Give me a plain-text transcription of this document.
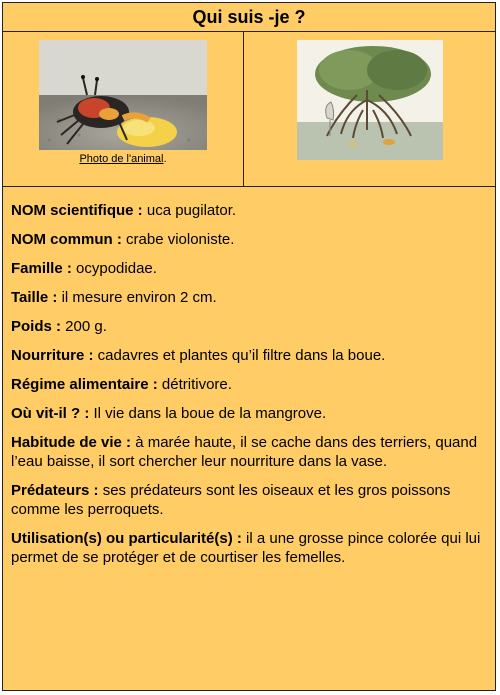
Qui suis -je ?
Photo de l'animal.

NOM scientifique : uca pugilator.

NOM commun : crabe violoniste.

Famille : ocypodidae.

Taille : il mesure environ 2 cm.

Poids : 200 g.

Nourriture : cadavres et plantes qu’il filtre dans la boue.

Régime alimentaire : détritivore.

Où vit-il ? : Il vie dans la boue de la mangrove.

Habitude de vie : à marée haute, il se cache dans des terriers, quand l’eau baisse, il sort chercher leur nourriture dans la vase.

Prédateurs : ses prédateurs sont les oiseaux et les gros poissons comme les perroquets.

Utilisation(s) ou particularité(s) : il a une grosse pince colorée qui lui permet de se protéger et de courtiser les femelles.
